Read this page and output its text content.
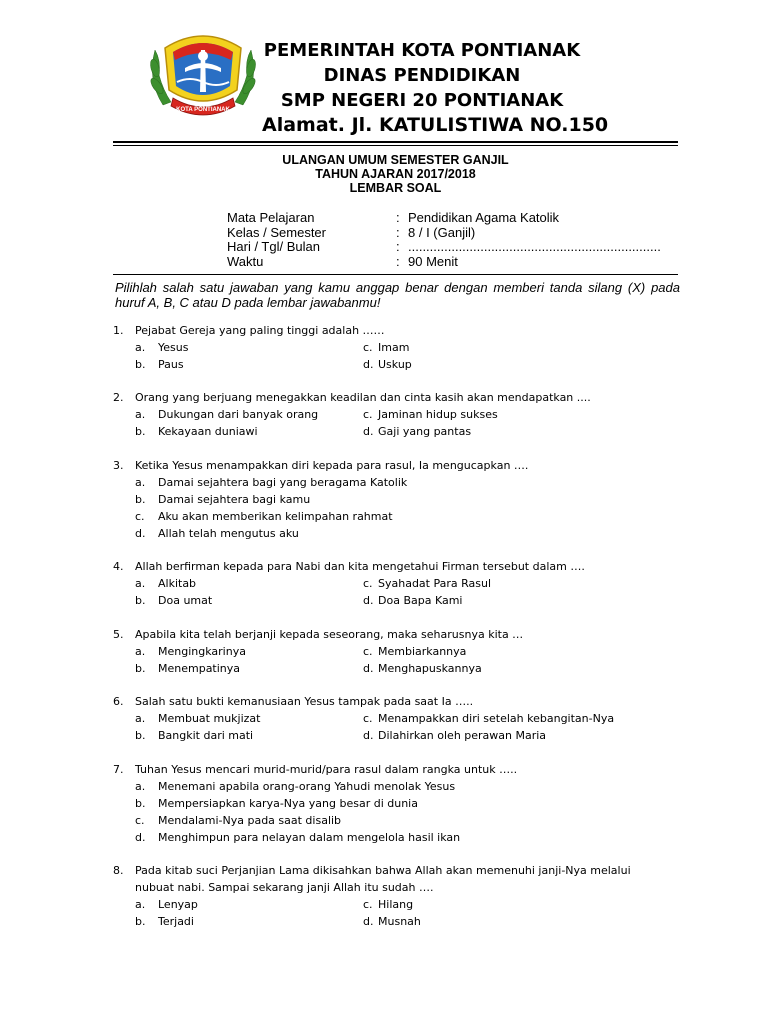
KOTA PONTIANAK
PEMERINTAH KOTA PONTIANAK
DINAS PENDIDIKAN
SMP NEGERI 20 PONTIANAK
Alamat. Jl. KATULISTIWA NO.150
ULANGAN UMUM SEMESTER GANJIL
TAHUN AJARAN 2017/2018
LEMBAR SOAL
Mata Pelajaran	: Pendidikan Agama Katolik
Kelas / Semester	: 8 / I (Ganjil)
Hari / Tgl/ Bulan	: ......................................................................
Waktu	: 90 Menit
Pilihlah salah satu jawaban yang kamu anggap benar dengan memberi tanda silang (X) pada huruf A, B, C atau D pada lembar jawabanmu!
1. Pejabat Gereja yang paling tinggi adalah ……
a. Yesus	c. Imam
b. Paus	d. Uskup
2. Orang yang berjuang menegakkan keadilan dan cinta kasih akan mendapatkan ....
a. Dukungan dari banyak orang	c. Jaminan hidup sukses
b. Kekayaan duniawi	d. Gaji yang pantas
3. Ketika Yesus menampakkan diri kepada para rasul, Ia mengucapkan ….
a. Damai sejahtera bagi yang beragama Katolik
b. Damai sejahtera bagi kamu
c. Aku akan memberikan kelimpahan rahmat
d. Allah telah mengutus aku
4. Allah berfirman kepada para Nabi dan kita mengetahui Firman tersebut dalam ….
a. Alkitab	c. Syahadat Para Rasul
b. Doa umat	d. Doa Bapa Kami
5. Apabila kita telah berjanji kepada seseorang, maka seharusnya kita …
a. Mengingkarinya	c. Membiarkannya
b. Menempatinya	d. Menghapuskannya
6. Salah satu bukti kemanusiaan Yesus tampak pada saat Ia …..
a. Membuat mukjizat	c. Menampakkan diri setelah kebangitan-Nya
b. Bangkit dari mati	d. Dilahirkan oleh perawan Maria
7. Tuhan Yesus mencari murid-murid/para rasul dalam rangka untuk …..
a. Menemani apabila orang-orang Yahudi menolak Yesus
b. Mempersiapkan karya-Nya yang besar di dunia
c. Mendalami-Nya pada saat disalib
d. Menghimpun para nelayan dalam mengelola hasil ikan
8. Pada kitab suci Perjanjian Lama dikisahkan bahwa Allah akan memenuhi janji-Nya melalui
nubuat nabi. Sampai sekarang janji Allah itu sudah ….
a. Lenyap	c. Hilang
b. Terjadi	d. Musnah
